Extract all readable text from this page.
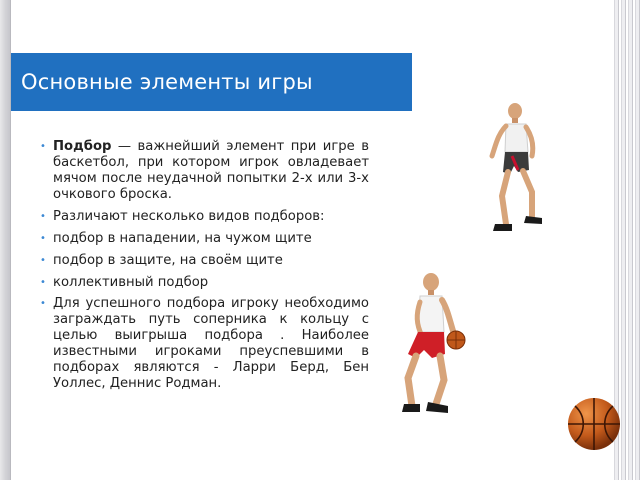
Основные элементы игры
• Подбор — важнейший элемент при игре в баскетбол, при котором игрок овладевает мячом после неудачной попытки 2-х или 3-х очкового броска.
• Различают несколько видов подборов:
• подбор в нападении, на чужом щите
• подбор в защите, на своём щите
• коллективный подбор
• Для успешного подбора игроку необходимо заграждать путь соперника к кольцу с целью выигрыша подбора . Наиболее известными игроками преуспевшими в подборах являются - Ларри Берд, Бен Уоллес, Деннис Родман.
